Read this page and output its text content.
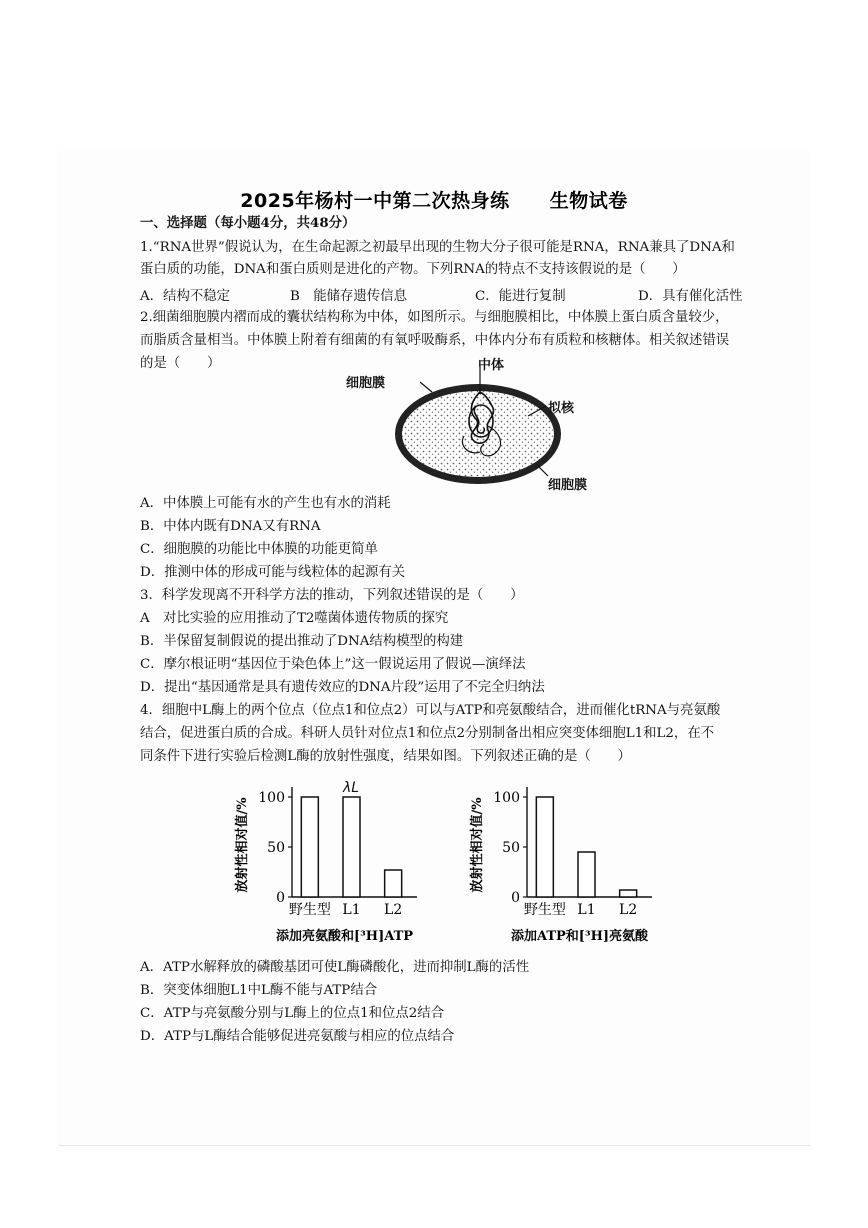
2025年杨村一中第二次热身练 生物试卷
一、选择题（每小题4分，共48分）
1.“RNA世界”假说认为，在生命起源之初最早出现的生物大分子很可能是RNA，RNA兼具了DNA和
蛋白质的功能，DNA和蛋白质则是进化的产物。下列RNA的特点不支持该假说的是（　　）
A．结构不稳定	B　能储存遗传信息	C．能进行复制	D．具有催化活性
2.细菌细胞膜内褶而成的囊状结构称为中体，如图所示。与细胞膜相比，中体膜上蛋白质含量较少，
而脂质含量相当。中体膜上附着有细菌的有氧呼吸酶系，中体内分布有质粒和核糖体。相关叙述错误
的是（　　）
细胞膜
中体
拟核
细胞膜
A．中体膜上可能有水的产生也有水的消耗
B．中体内既有DNA又有RNA
C．细胞膜的功能比中体膜的功能更简单
D．推测中体的形成可能与线粒体的起源有关
3．科学发现离不开科学方法的推动，下列叙述错误的是（　　）
A　对比实验的应用推动了T2噬菌体遗传物质的探究
B．半保留复制假说的提出推动了DNA结构模型的构建
C．摩尔根证明“基因位于染色体上”这一假说运用了假说—演绎法
D．提出“基因通常是具有遗传效应的DNA片段”运用了不完全归纳法
4．细胞中L酶上的两个位点（位点1和位点2）可以与ATP和亮氨酸结合，进而催化tRNA与亮氨酸
结合，促进蛋白质的合成。科研人员针对位点1和位点2分别制备出相应突变体细胞L1和L2，在不
同条件下进行实验后检测L酶的放射性强度，结果如图。下列叙述正确的是（　　）
放射性相对值/%
0
50
100
野生型 L1 L2
添加亮氨酸和[³H]ATP
放射性相对值/%
0
50
100
野生型 L1 L2
添加ATP和[³H]亮氨酸
λL
A．ATP水解释放的磷酸基团可使L酶磷酸化，进而抑制L酶的活性
B．突变体细胞L1中L酶不能与ATP结合
C．ATP与亮氨酸分别与L酶上的位点1和位点2结合
D．ATP与L酶结合能够促进亮氨酸与相应的位点结合
